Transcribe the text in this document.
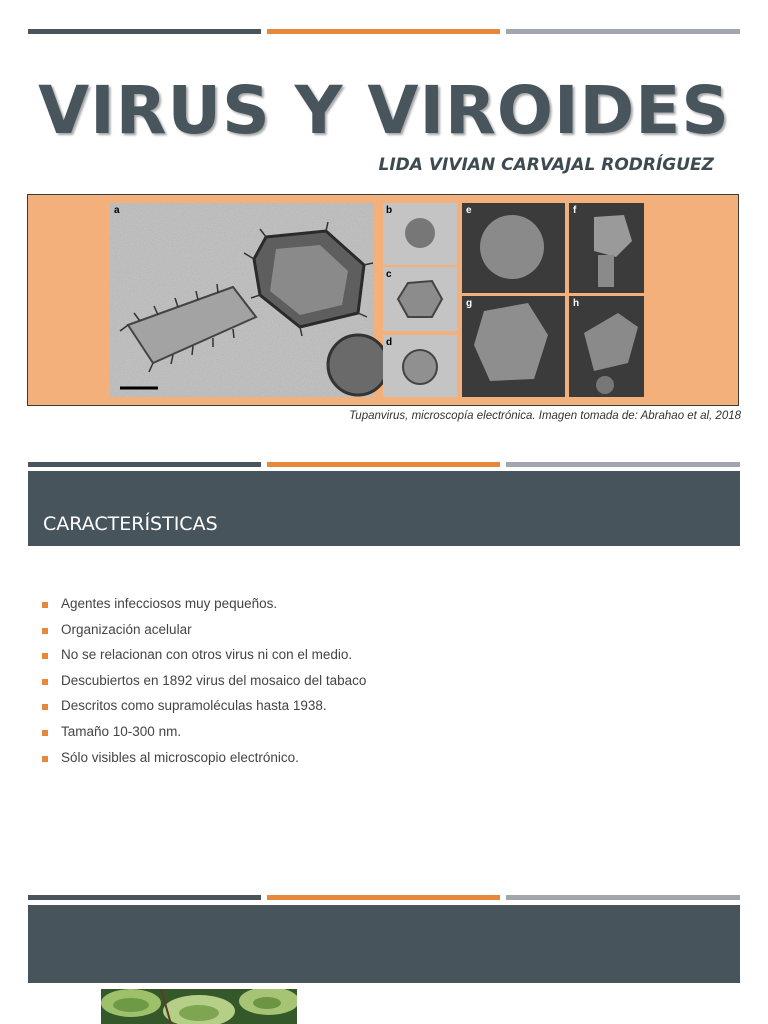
VIRUS Y VIROIDES
LIDA VIVIAN CARVAJAL RODRÍGUEZ
a	b
c
d
e	f
g	h
Tupanvirus, microscopía electrónica. Imagen tomada de: Abrahao et al, 2018
CARACTERÍSTICAS
Agentes infecciosos muy pequeños.
Organización acelular
No se relacionan con otros virus ni con el medio.
Descubiertos en 1892 virus del mosaico del tabaco
Descritos como supramoléculas hasta 1938.
Tamaño 10-300 nm.
Sólo visibles al microscopio electrónico.
